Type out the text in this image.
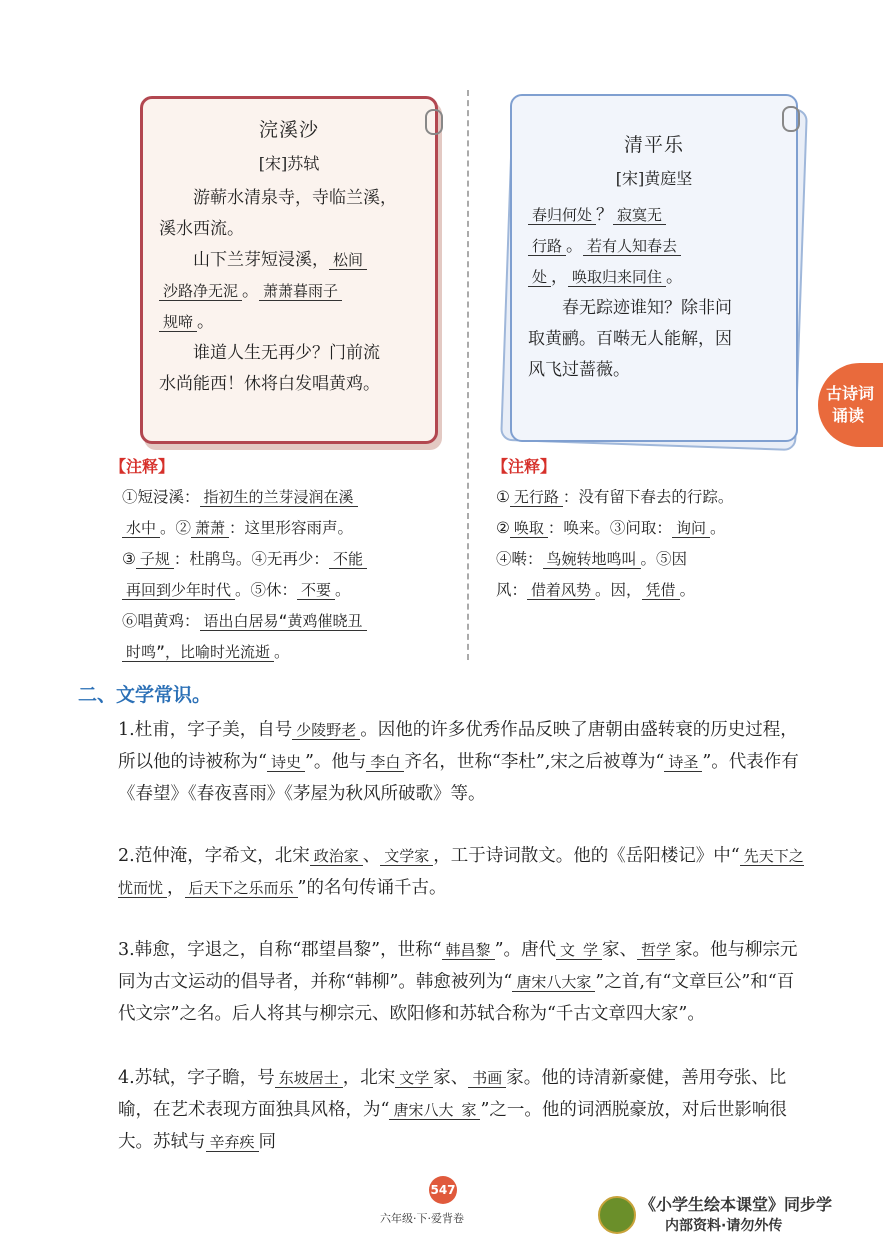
浣溪沙
[宋]苏轼
游蕲水清泉寺，寺临兰溪，
溪水西流。
山下兰芽短浸溪， 松间
沙路净无泥 。 萧萧暮雨子
规啼 。
谁道人生无再少？门前流
水尚能西！休将白发唱黄鸡。
清平乐
[宋]黄庭坚
春归何处 ？ 寂寞无
行路 。 若有人知春去
处 ， 唤取归来同住 。
春无踪迹谁知？除非问
取黄鹂。百啭无人能解，因
风飞过蔷薇。
【注释】
①短浸溪： 指初生的兰芽浸润在溪
水中 。② 萧萧 ：这里形容雨声。
③ 子规 ：杜鹃鸟。④无再少： 不能
再回到少年时代 。⑤休： 不要 。
⑥唱黄鸡： 语出白居易“黄鸡催晓丑
时鸣”，比喻时光流逝 。
【注释】
① 无行路 ：没有留下春去的行踪。
② 唤取 ：唤来。③问取： 询问 。
④啭： 鸟婉转地鸣叫 。⑤因
风： 借着风势 。因， 凭借 。
古诗词
诵读
二、文学常识。
1.杜甫，字子美，自号 少陵野老 。因他的许多优秀作品反映了唐朝由盛转衰的历史过程，所以他的诗被称为“ 诗史 ”。他与 李白 齐名，世称“李杜”,宋之后被尊为“ 诗圣 ”。代表作有《春望》《春夜喜雨》《茅屋为秋风所破歌》等。
2.范仲淹，字希文，北宋 政治家 、 文学家 ，工于诗词散文。他的《岳阳楼记》中“ 先天下之忧而忧 ， 后天下之乐而乐 ”的名句传诵千古。
3.韩愈，字退之，自称“郡望昌黎”，世称“ 韩昌黎 ”。唐代 文 学 家、 哲学 家。他与柳宗元同为古文运动的倡导者，并称“韩柳”。韩愈被列为“ 唐宋八大家 ”之首,有“文章巨公”和“百代文宗”之名。后人将其与柳宗元、欧阳修和苏轼合称为“千古文章四大家”。
4.苏轼，字子瞻，号 东坡居士 ，北宋 文学 家、 书画 家。他的诗清新豪健，善用夸张、比喻，在艺术表现方面独具风格，为“ 唐宋八大 家 ”之一。他的词洒脱豪放，对后世影响很大。苏轼与 辛弃疾 同
547
六年级·下·爱背卷
《小学生绘本课堂》同步学
内部资料·请勿外传
